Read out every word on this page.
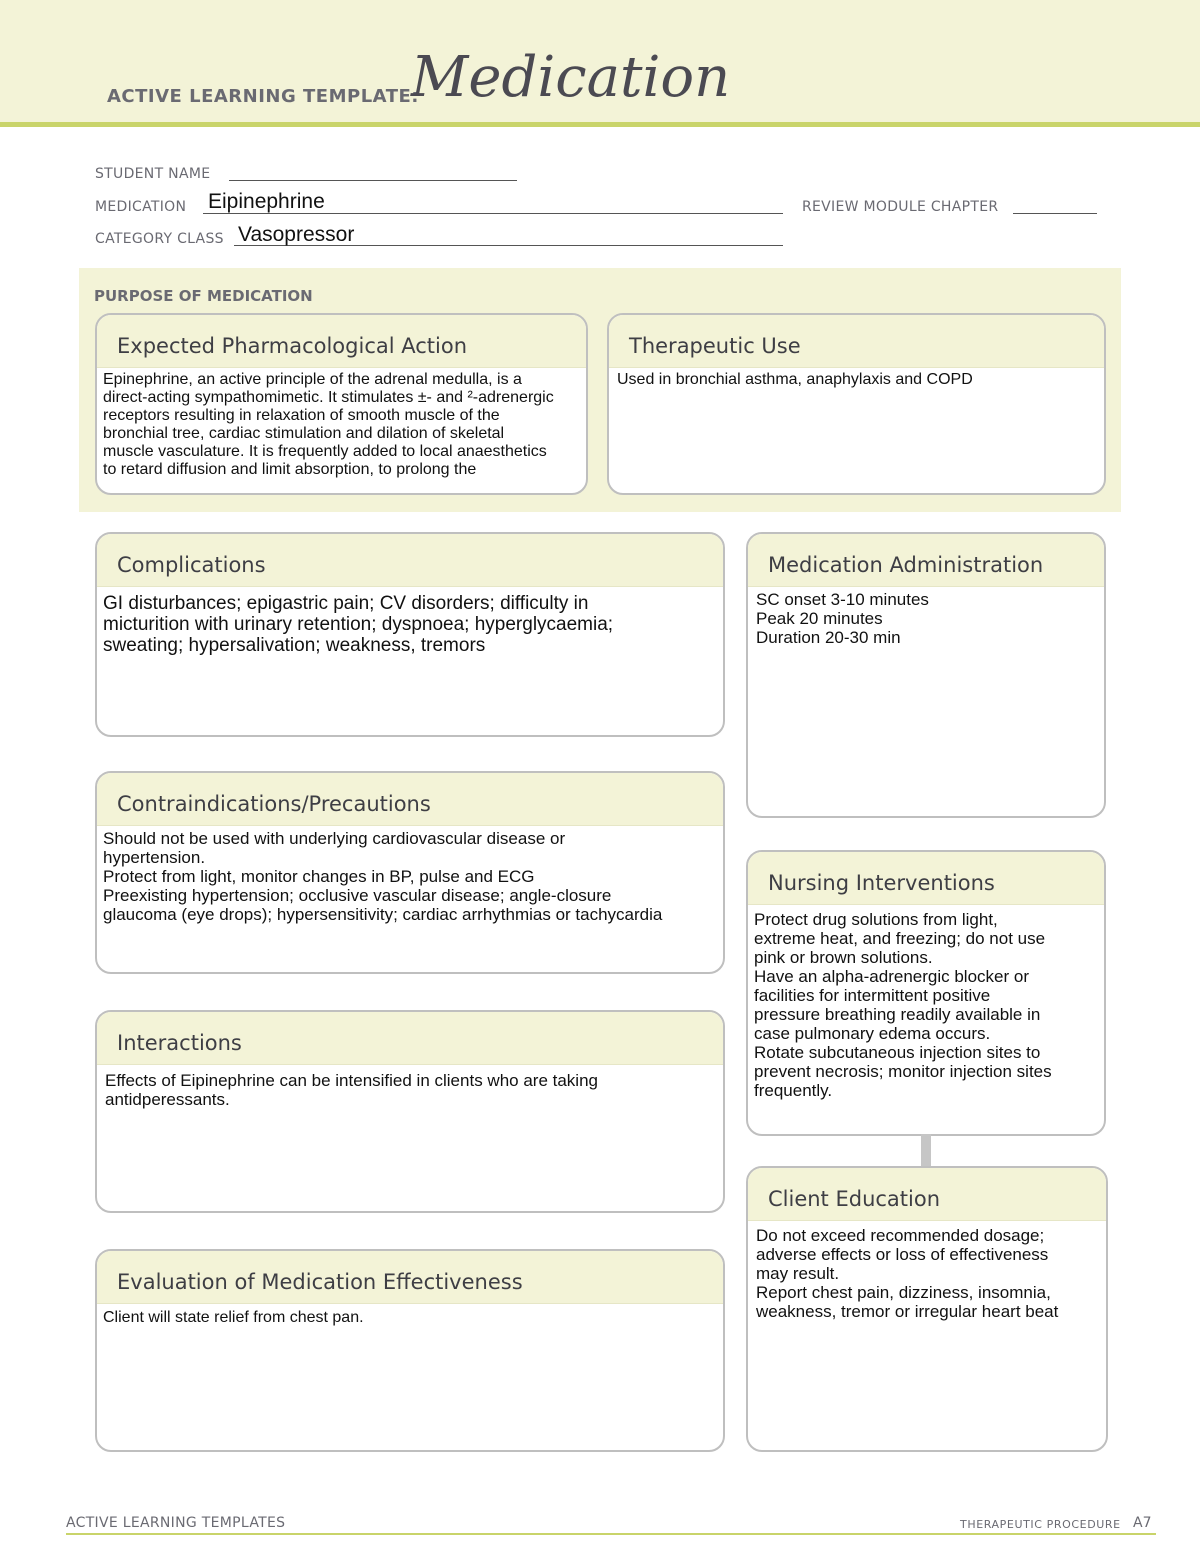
ACTIVE LEARNING TEMPLATE:
Medication
STUDENT NAME
MEDICATION Eipinephrine	REVIEW MODULE CHAPTER
CATEGORY CLASS Vasopressor
PURPOSE OF MEDICATION
Expected Pharmacological Action
Epinephrine, an active principle of the adrenal medulla, is a
direct-acting sympathomimetic. It stimulates ±- and ²-adrenergic
receptors resulting in relaxation of smooth muscle of the
bronchial tree, cardiac stimulation and dilation of skeletal
muscle vasculature. It is frequently added to local anaesthetics
to retard diffusion and limit absorption, to prolong the
Therapeutic Use
Used in bronchial asthma, anaphylaxis and COPD
Complications
GI disturbances; epigastric pain; CV disorders; difficulty in
micturition with urinary retention; dyspnoea; hyperglycaemia;
sweating; hypersalivation; weakness, tremors
Contraindications/Precautions
Should not be used with underlying cardiovascular disease or
hypertension.
Protect from light, monitor changes in BP, pulse and ECG
Preexisting hypertension; occlusive vascular disease; angle-closure
glaucoma (eye drops); hypersensitivity; cardiac arrhythmias or tachycardia
Interactions
Effects of Eipinephrine can be intensified in clients who are taking
antidperessants.
Evaluation of Medication Effectiveness
Client will state relief from chest pan.
Medication Administration
SC onset 3-10 minutes
Peak 20 minutes
Duration 20-30 min
Nursing Interventions
Protect drug solutions from light,
extreme heat, and freezing; do not use
pink or brown solutions.
Have an alpha-adrenergic blocker or
facilities for intermittent positive
pressure breathing readily available in
case pulmonary edema occurs.
Rotate subcutaneous injection sites to
prevent necrosis; monitor injection sites
frequently.
Client Education
Do not exceed recommended dosage;
adverse effects or loss of effectiveness
may result.
Report chest pain, dizziness, insomnia,
weakness, tremor or irregular heart beat
ACTIVE LEARNING TEMPLATES	THERAPEUTIC PROCEDURE A7
